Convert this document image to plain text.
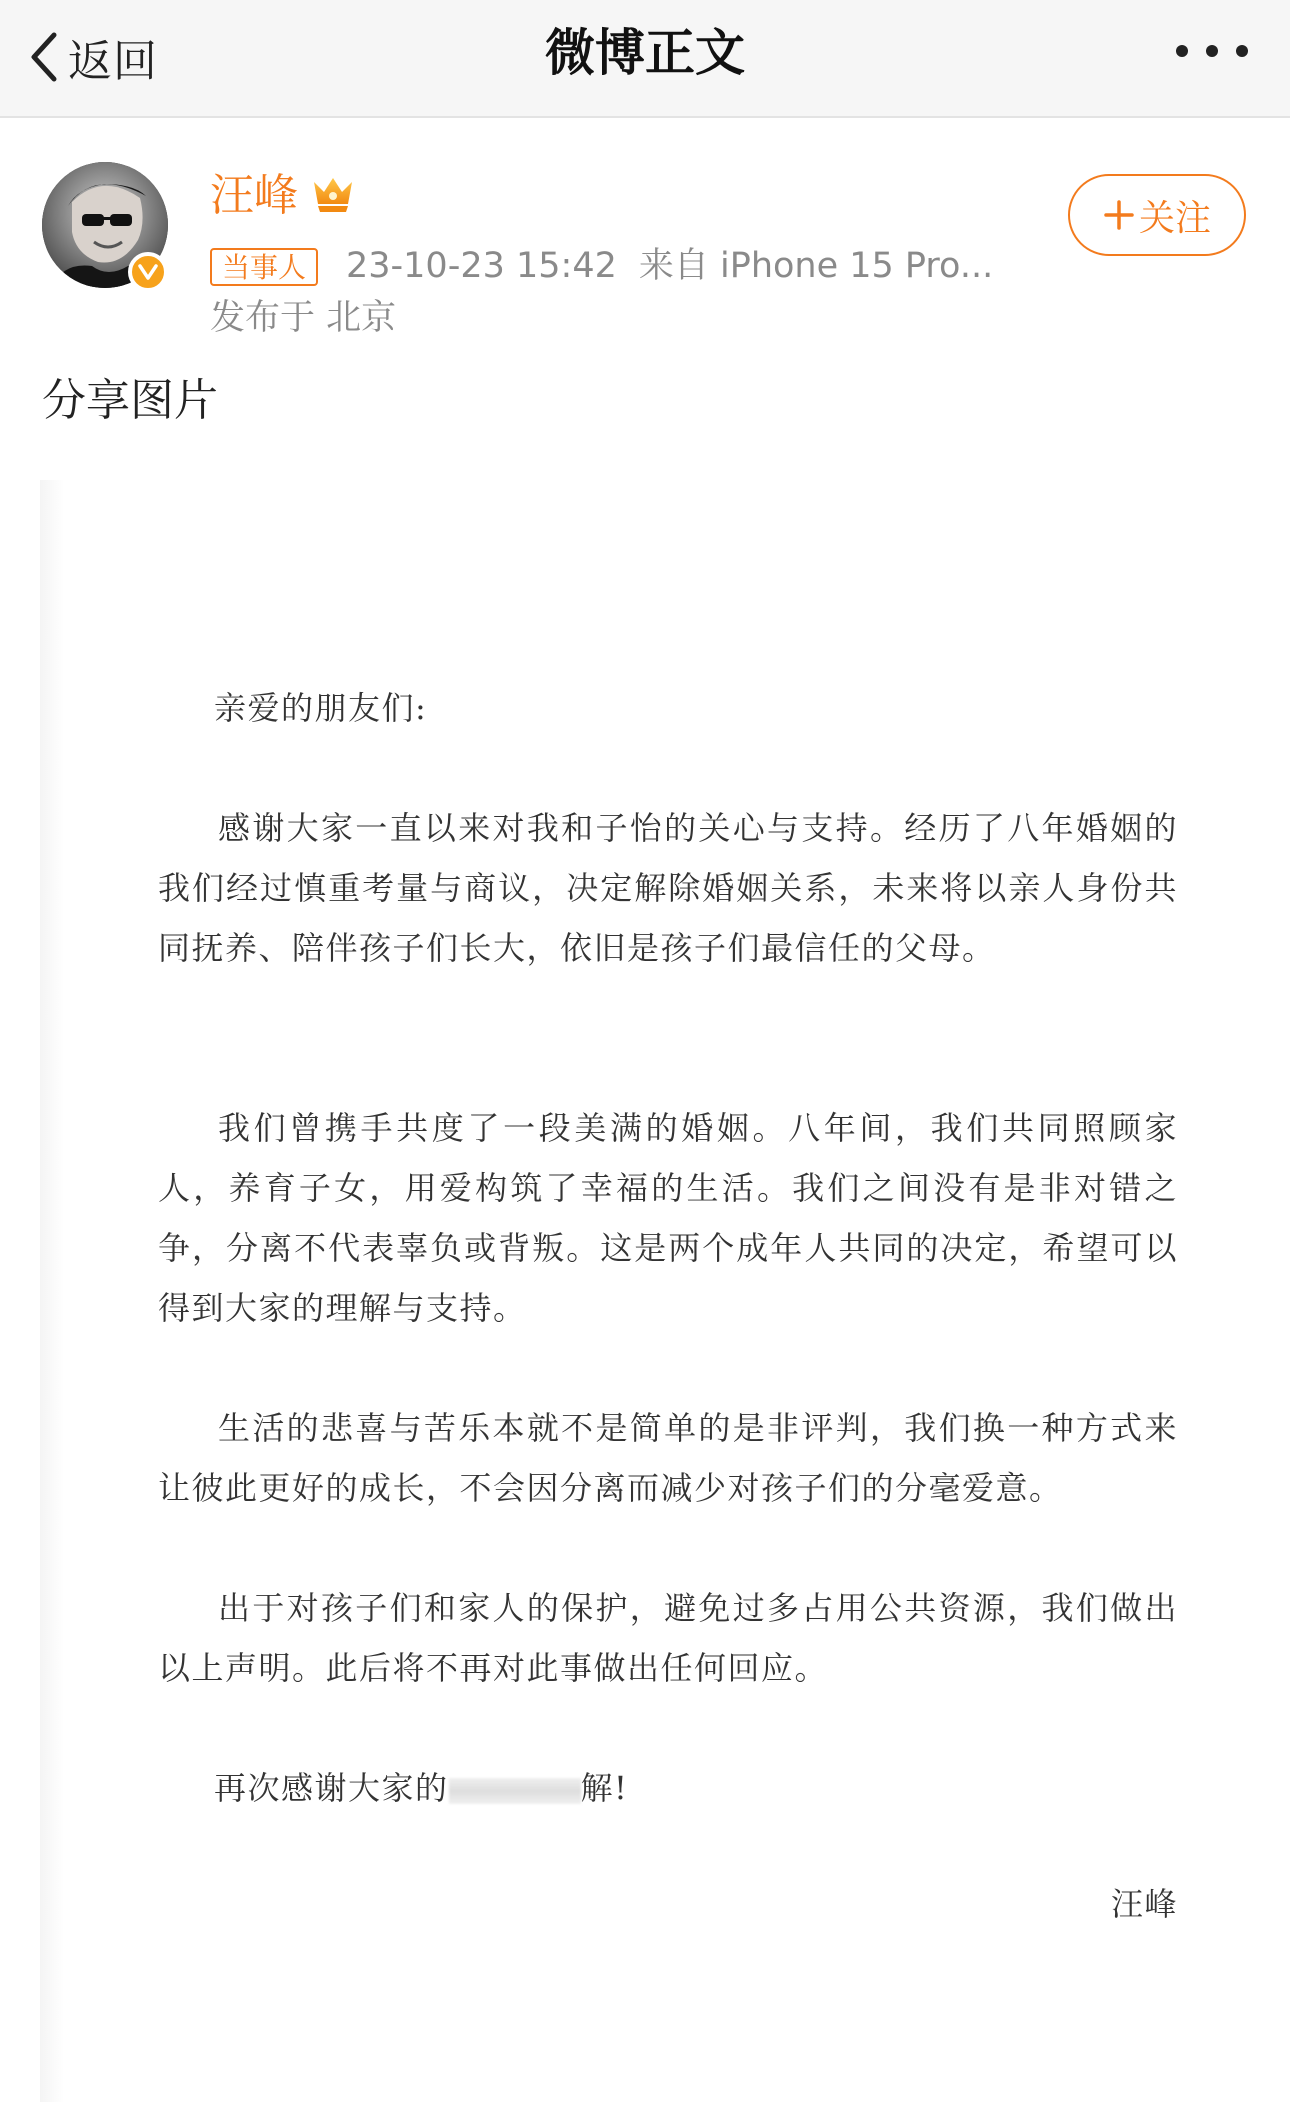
返回	微博正文
汪峰
当事人	23-10-23 15:42 来自 iPhone 15 Pro...
发布于 北京
关注
分享图片

亲爱的朋友们:

感谢大家一直以来对我和子怡的关心与支持。经历了八年婚姻的我们经过慎重考量与商议，决定解除婚姻关系，未来将以亲人身份共同抚养、陪伴孩子们长大，依旧是孩子们最信任的父母。

我们曾携手共度了一段美满的婚姻。八年间，我们共同照顾家人，养育子女，用爱构筑了幸福的生活。我们之间没有是非对错之争，分离不代表辜负或背叛。这是两个成年人共同的决定，希望可以得到大家的理解与支持。

生活的悲喜与苦乐本就不是简单的是非评判，我们换一种方式来让彼此更好的成长，不会因分离而减少对孩子们的分毫爱意。

出于对孩子们和家人的保护，避免过多占用公共资源，我们做出以上声明。此后将不再对此事做出任何回应。

再次感谢大家的	解!

汪峰
